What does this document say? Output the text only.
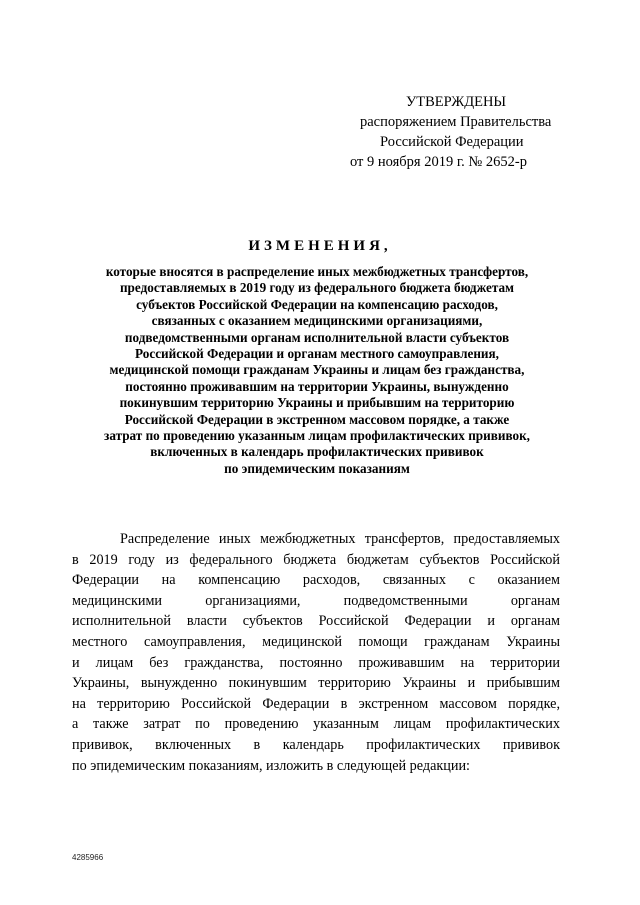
УТВЕРЖДЕНЫ
распоряжением Правительства
Российской Федерации
от 9 ноября 2019 г. № 2652-р
ИЗМЕНЕНИЯ,
которые вносятся в распределение иных межбюджетных трансфертов,
предоставляемых в 2019 году из федерального бюджета бюджетам
субъектов Российской Федерации на компенсацию расходов,
связанных с оказанием медицинскими организациями,
подведомственными органам исполнительной власти субъектов
Российской Федерации и органам местного самоуправления,
медицинской помощи гражданам Украины и лицам без гражданства,
постоянно проживавшим на территории Украины, вынужденно
покинувшим территорию Украины и прибывшим на территорию
Российской Федерации в экстренном массовом порядке, а также
затрат по проведению указанным лицам профилактических прививок,
включенных в календарь профилактических прививок
по эпидемическим показаниям
Распределение иных межбюджетных трансфертов, предоставляемых
в 2019 году из федерального бюджета бюджетам субъектов Российской
Федерации на компенсацию расходов, связанных с оказанием
медицинскими организациями, подведомственными органам
исполнительной власти субъектов Российской Федерации и органам
местного самоуправления, медицинской помощи гражданам Украины
и лицам без гражданства, постоянно проживавшим на территории
Украины, вынужденно покинувшим территорию Украины и прибывшим
на территорию Российской Федерации в экстренном массовом порядке,
а также затрат по проведению указанным лицам профилактических
прививок, включенных в календарь профилактических прививок
по эпидемическим показаниям, изложить в следующей редакции:
4285966
